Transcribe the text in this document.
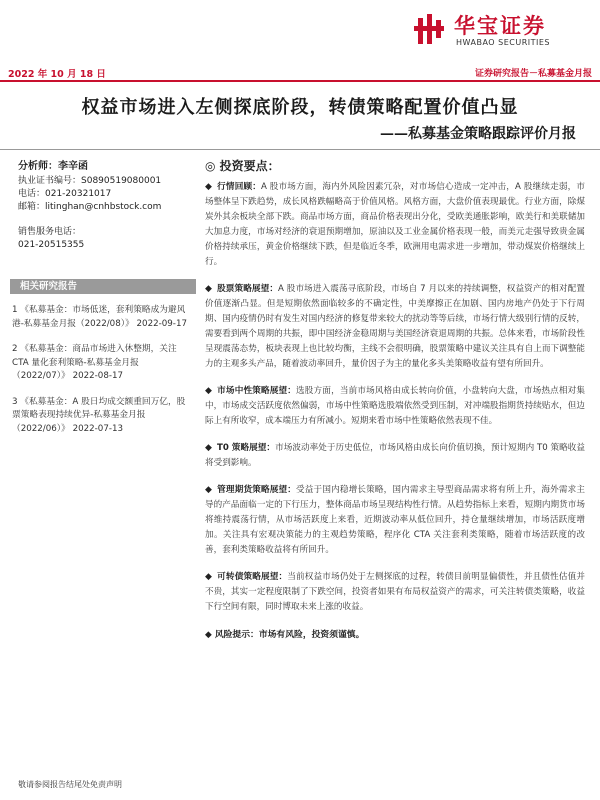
华宝证券
HWABAO SECURITIES
2022 年 10 月 18 日	证券研究报告－私募基金月报
权益市场进入左侧探底阶段，转债策略配置价值凸显
——私募基金策略跟踪评价月报
分析师：李辛函
执业证书编号：S0890519080001
电话：021-20321017
邮箱：litinghan@cnhbstock.com
销售服务电话：
021-20515355
相关研究报告
1 《私募基金：市场低迷，套利策略成为避风港-私募基金月报（2022/08）》 2022-09-17
2 《私募基金：商品市场进入休整期，关注 CTA 量化套利策略-私募基金月报（2022/07）》 2022-08-17
3 《私募基金：A 股日均成交额重回万亿，股票策略表现持续优异-私募基金月报（2022/06）》 2022-07-13
◎ 投资要点：
◆ 行情回顾：A 股市场方面，海内外风险因素冗杂，对市场信心造成一定冲击，A 股继续走弱，市场整体呈下跌趋势，成长风格跌幅略高于价值风格。风格方面，大盘价值表现最优。行业方面，除煤炭外其余板块全部下跌。商品市场方面，商品价格表现出分化，受欧美通胀影响，欧美行和美联储加大加息力度，市场对经济的衰退预期增加，原油以及工业金属价格表现一般，而美元走强导致贵金属价格持续承压，黄金价格继续下跌，但是临近冬季，欧洲用电需求进一步增加，带动煤炭价格继续上行。
◆ 股票策略展望：A 股市场进入震荡寻底阶段，市场自 7 月以来的持续调整，权益资产的相对配置价值逐渐凸显。但是短期依然面临较多的不确定性，中美摩擦正在加剧、国内房地产仍处于下行周期、国内疫情仍时有发生对国内经济的修复带来较大的扰动等等后续，市场行情大级别行情的反转，需要看到两个周期的共振，即中国经济金稳周期与美国经济衰退周期的共振。总体来看，市场阶段性呈现震荡态势，板块表现上也比较均衡，主线不会很明确，股票策略中建议关注具有自上而下调整能力的主观多头产品，随着波动率回升，量价因子为主的量化多头美策略收益有望有所回升。
◆ 市场中性策略展望：选股方面，当前市场风格由成长转向价值，小盘转向大盘，市场热点相对集中，市场成交活跃度依然偏弱，市场中性策略选股端依然受到压制，对冲端股指期货持续贴水，但边际上有所收窄，成本端压力有所减小。短期来看市场中性策略依然表现不佳。
◆ T0 策略展望：市场波动率处于历史低位，市场风格由成长向价值切换，预计短期内 T0 策略收益将受到影响。
◆ 管理期货策略展望：受益于国内稳增长策略，国内需求主导型商品需求将有所上升，海外需求主导的产品面临一定的下行压力，整体商品市场呈现结构性行情。从趋势指标上来看，短期内期货市场将维持震荡行情，从市场活跃度上来看，近期波动率从低位回升，持仓量继续增加，市场活跃度增加。关注具有宏观决策能力的主观趋势策略，程序化 CTA 关注套利类策略，随着市场活跃度的改善，套利类策略收益将有所回升。
◆ 可转债策略展望：当前权益市场仍处于左侧探底的过程，转债目前明显偏债性，并且债性估值并不贵，其实一定程度限制了下跌空间，投资者如果有布局权益资产的需求，可关注转债类策略，收益下行空间有限，同时博取未来上涨的收益。
◆ 风险提示：市场有风险，投资须谨慎。
敬请参阅报告结尾处免责声明
